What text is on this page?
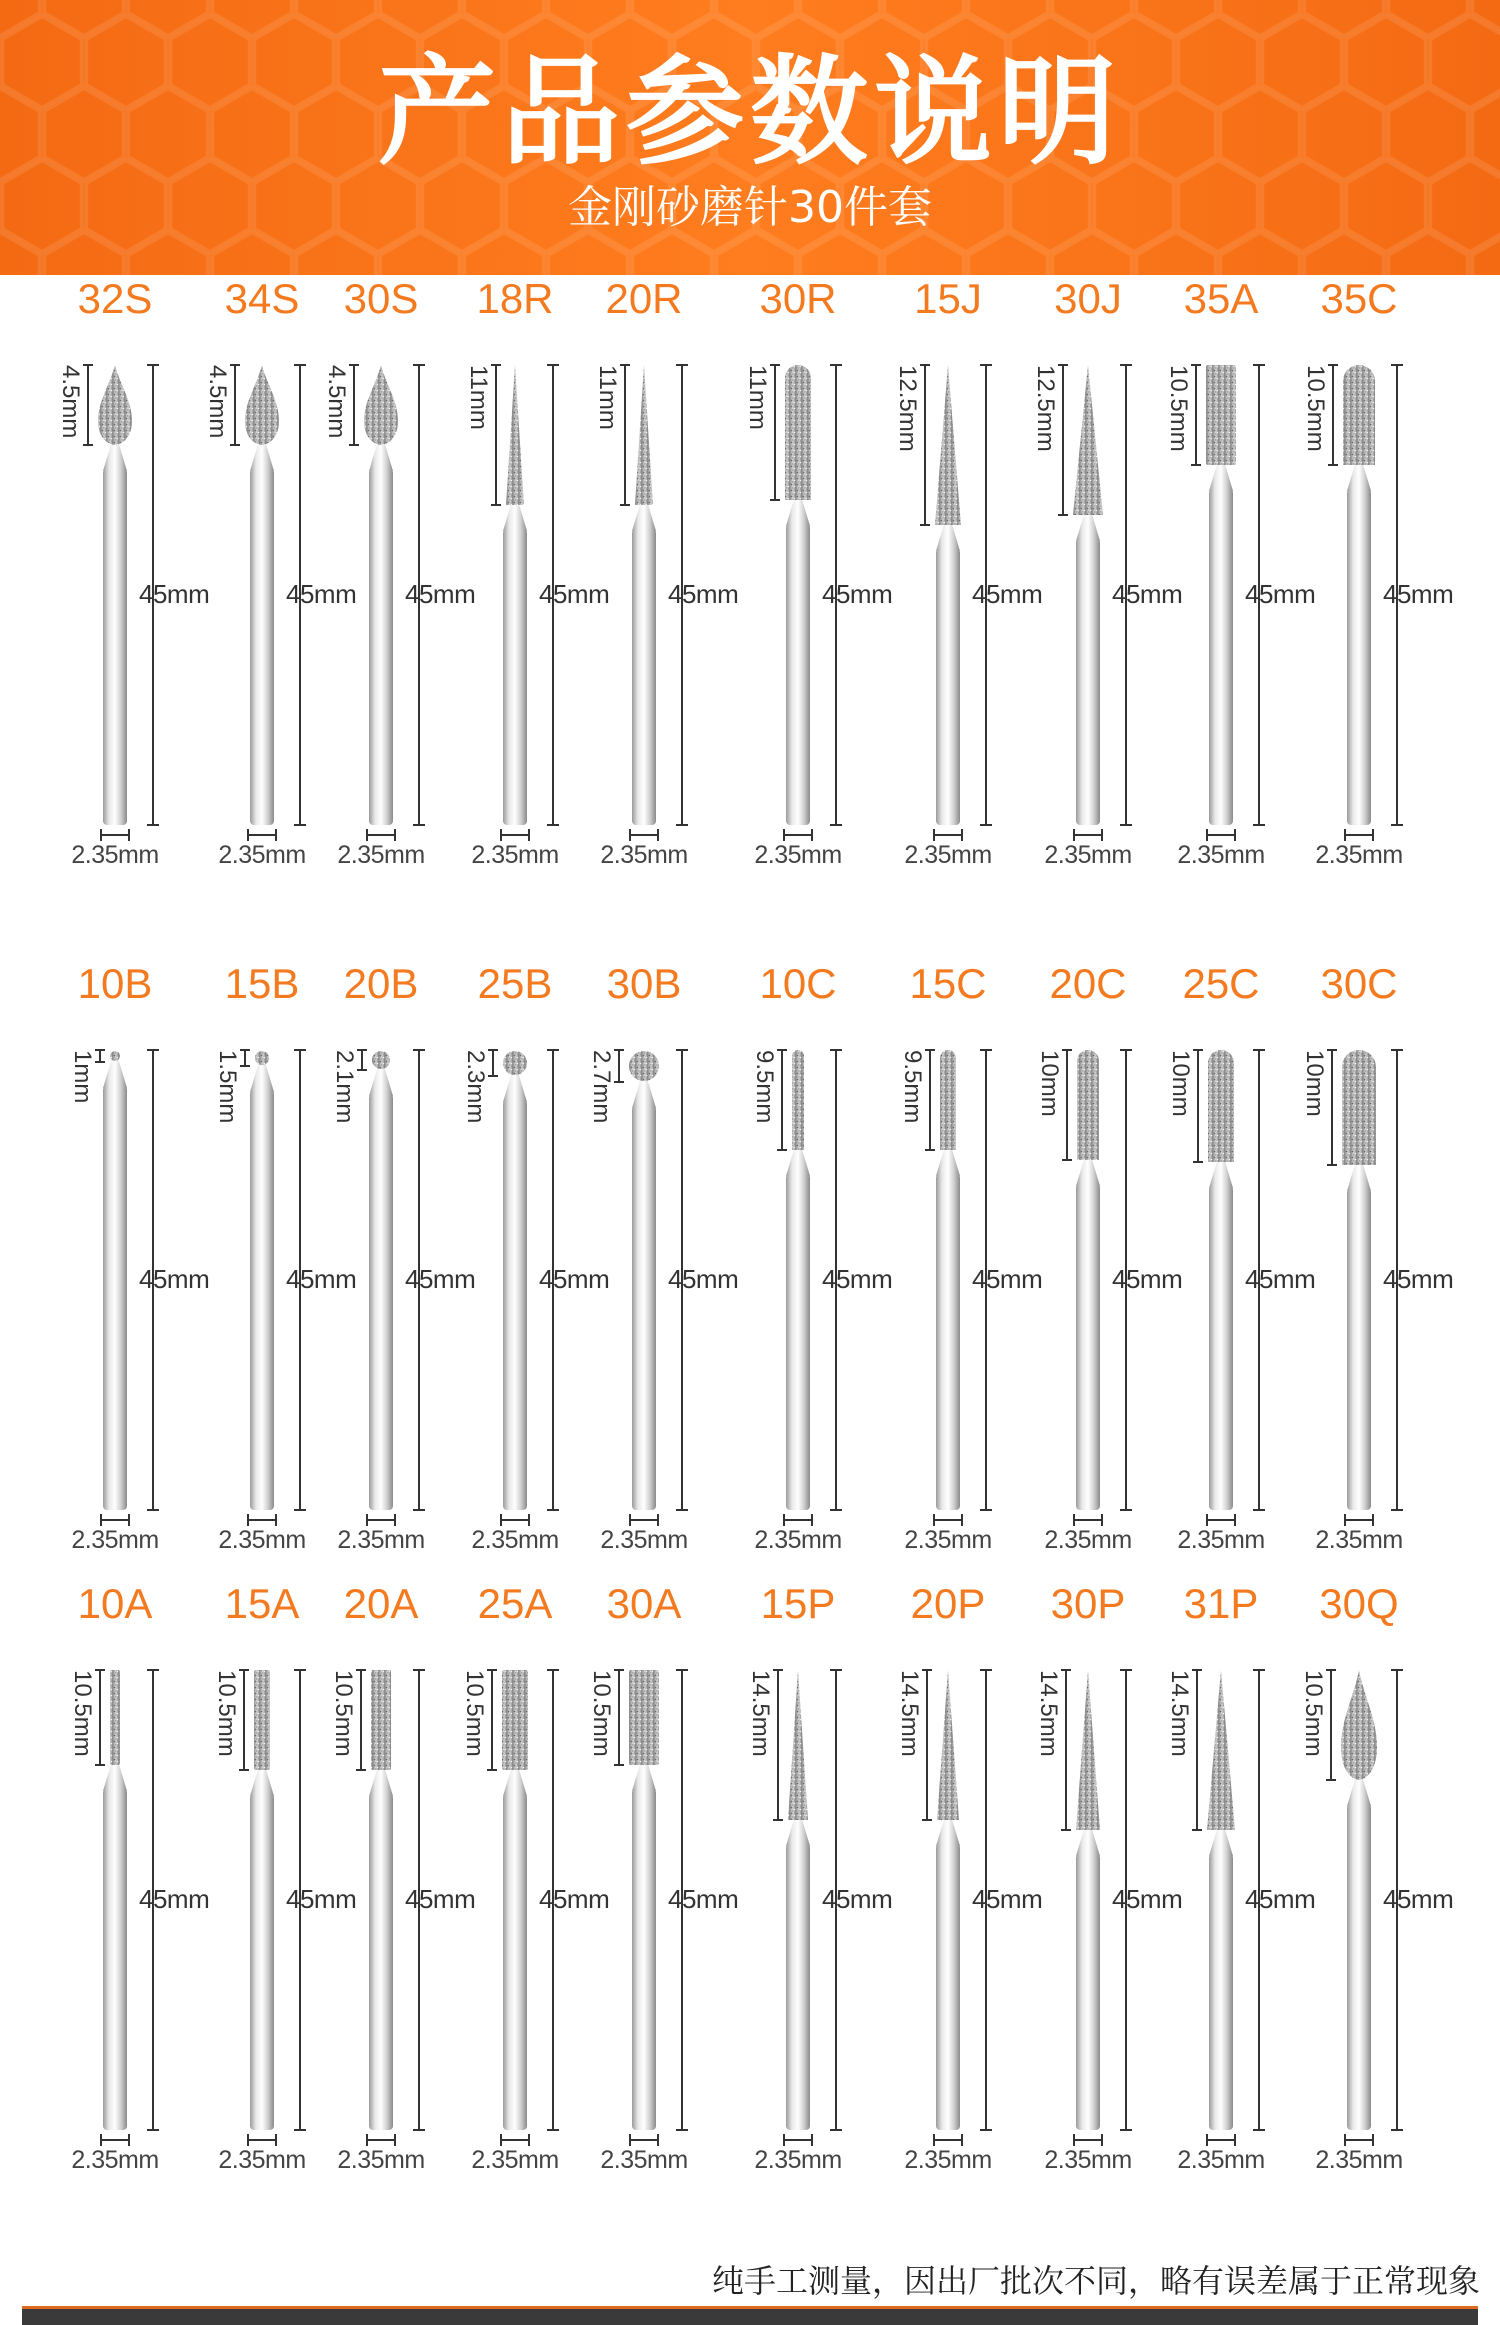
产品参数说明
金刚砂磨针30件套
32S
4.5mm
45mm
2.35mm
34S
4.5mm
45mm
2.35mm
30S
4.5mm
45mm
2.35mm
18R
11mm
45mm
2.35mm
20R
11mm
45mm
2.35mm
30R
11mm
45mm
2.35mm
15J
12.5mm
45mm
2.35mm
30J
12.5mm
45mm
2.35mm
35A
10.5mm
45mm
2.35mm
35C
10.5mm
45mm
2.35mm
10B
1mm
45mm
2.35mm
15B
1.5mm
45mm
2.35mm
20B
2.1mm
45mm
2.35mm
25B
2.3mm
45mm
2.35mm
30B
2.7mm
45mm
2.35mm
10C
9.5mm
45mm
2.35mm
15C
9.5mm
45mm
2.35mm
20C
10mm
45mm
2.35mm
25C
10mm
45mm
2.35mm
30C
10mm
45mm
2.35mm
10A
10.5mm
45mm
2.35mm
15A
10.5mm
45mm
2.35mm
20A
10.5mm
45mm
2.35mm
25A
10.5mm
45mm
2.35mm
30A
10.5mm
45mm
2.35mm
15P
14.5mm
45mm
2.35mm
20P
14.5mm
45mm
2.35mm
30P
14.5mm
45mm
2.35mm
31P
14.5mm
45mm
2.35mm
30Q
10.5mm
45mm
2.35mm
纯手工测量，因出厂批次不同，略有误差属于正常现象
